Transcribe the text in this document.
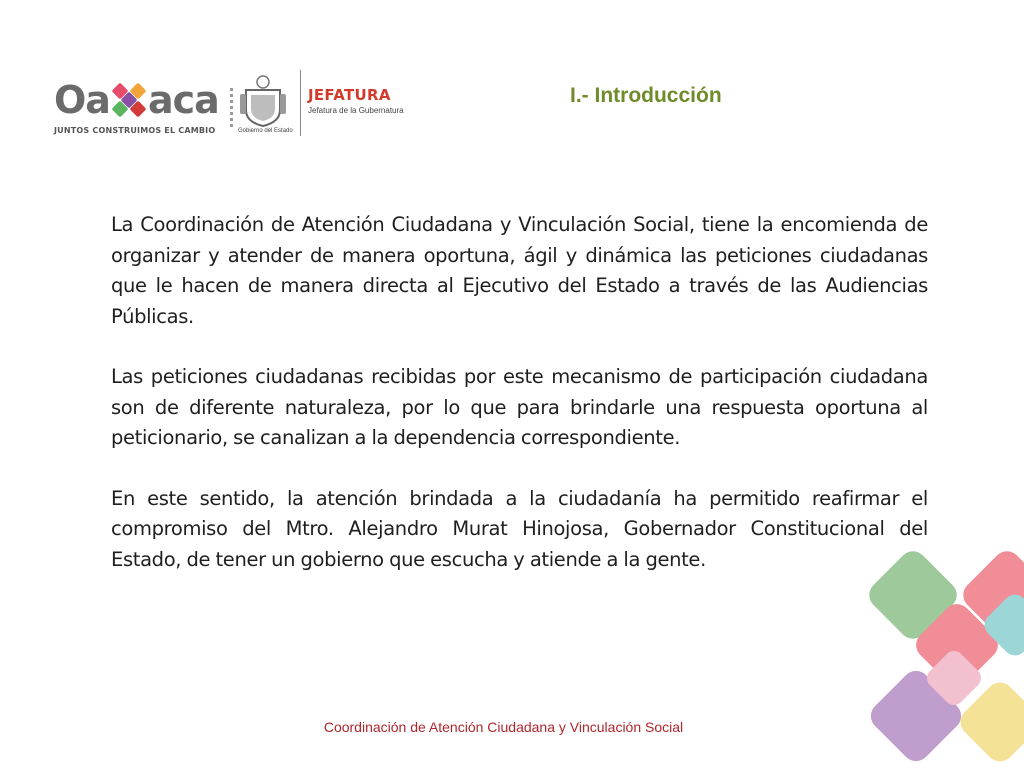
Oa aca
JUNTOS CONSTRUIMOS EL CAMBIO	Gobierno del Estado
JEFATURA
Jefatura de la Gubernatura
I.- Introducción

La Coordinación de Atención Ciudadana y Vinculación Social, tiene la encomienda de organizar y atender de manera oportuna, ágil y dinámica las peticiones ciudadanas que le hacen de manera directa al Ejecutivo del Estado a través de las Audiencias Públicas.

Las peticiones ciudadanas recibidas por este mecanismo de participación ciudadana son de diferente naturaleza, por lo que para brindarle una respuesta oportuna al peticionario, se canalizan a la dependencia correspondiente.

En este sentido, la atención brindada a la ciudadanía ha permitido reafirmar el compromiso del Mtro. Alejandro Murat Hinojosa, Gobernador Constitucional del Estado, de tener un gobierno que escucha y atiende a la gente.

Coordinación de Atención Ciudadana y Vinculación Social
